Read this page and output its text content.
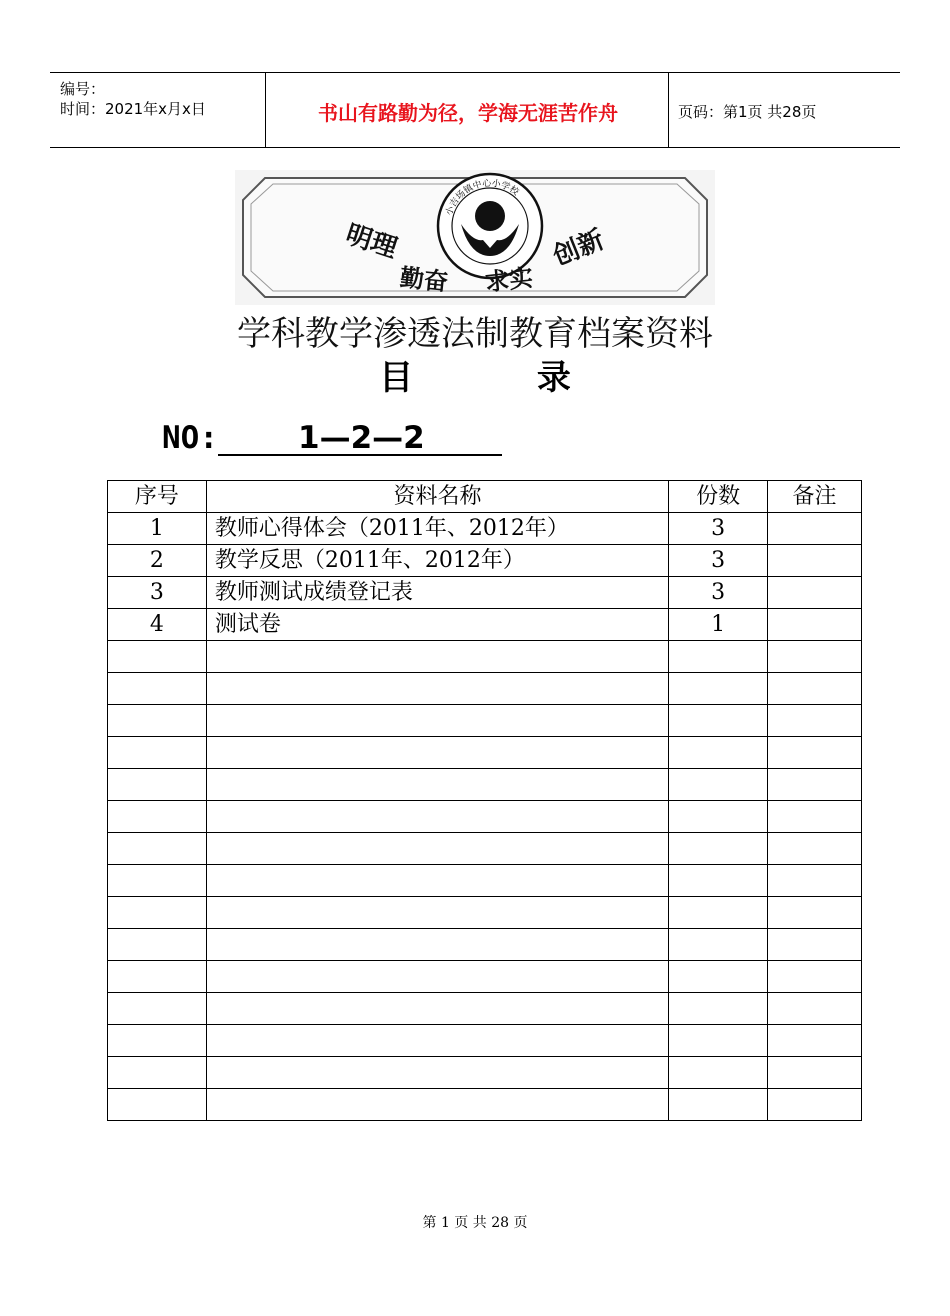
编号：
时间：2021年x月x日	书山有路勤为径，学海无涯苦作舟	页码：第1页 共28页
小吉场镇中心小学校
明理
勤奋 求实
创新
学科教学渗透法制教育档案资料
目	录
NO:	1—2—2
序号	资料名称	份数	备注
1	教师心得体会（2011年、2012年）	3	
2	教学反思（2011年、2012年）	3	
3	教师测试成绩登记表	3	
4	测试卷	1	

第 1 页 共 28 页
